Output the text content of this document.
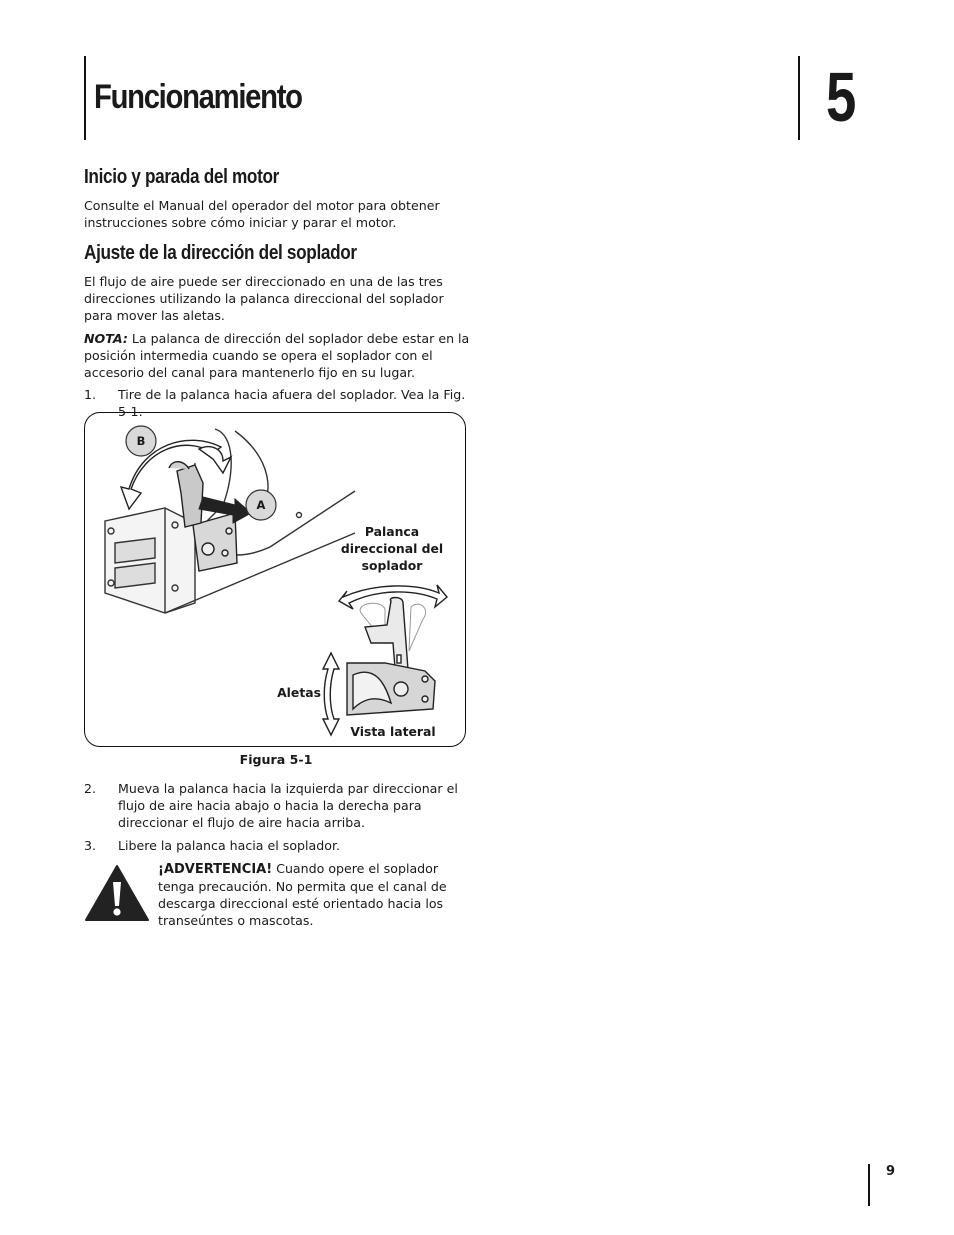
Funcionamiento	5
Inicio y parada del motor

Consulte el Manual del operador del motor para obtener instrucciones sobre cómo iniciar y parar el motor.

Ajuste de la dirección del soplador

El flujo de aire puede ser direccionado en una de las tres direcciones utilizando la palanca direccional del soplador para mover las aletas.

NOTA: La palanca de dirección del soplador debe estar en la posición intermedia cuando se opera el soplador con el accesorio del canal para mantenerlo fijo en su lugar.

1. Tire de la palanca hacia afuera del soplador. Vea la Fig. 5-1.
B
A
Palanca direccional del soplador
Aletas
Vista lateral
Figura 5-1
2. Mueva la palanca hacia la izquierda par direccionar el flujo de aire hacia abajo o hacia la derecha para direccionar el flujo de aire hacia arriba.
3. Libere la palanca hacia el soplador.
¡ADVERTENCIA! Cuando opere el soplador tenga precaución. No permita que el canal de descarga direccional esté orientado hacia los transeúntes o mascotas.
9
